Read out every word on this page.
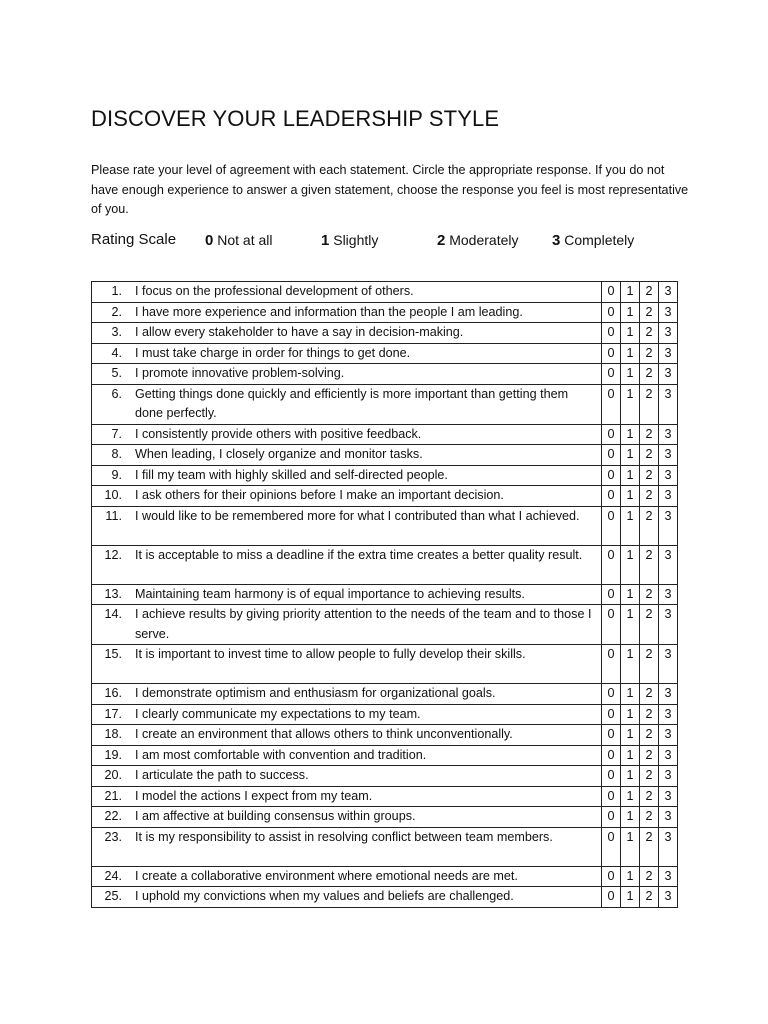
DISCOVER YOUR LEADERSHIP STYLE
Please rate your level of agreement with each statement. Circle the appropriate response. If you do not have enough experience to answer a given statement, choose the response you feel is most representative of you.
Rating Scale 0 Not at all	1 Slightly	2 Moderately 3 Completely
1. I focus on the professional development of others.	0	1	2	3

2. I have more experience and information than the people I am leading.	0	1	2	3

3. I allow every stakeholder to have a say in decision-making.	0	1	2	3

4. I must take charge in order for things to get done.	0	1	2	3

5. I promote innovative problem-solving.	0	1	2	3

6. Getting things done quickly and efficiently is more important than getting them done perfectly.	0	1	2	3

7. I consistently provide others with positive feedback.	0	1	2	3

8. When leading, I closely organize and monitor tasks.	0	1	2	3

9. I fill my team with highly skilled and self-directed people.	0	1	2	3

10. I ask others for their opinions before I make an important decision.	0	1	2	3

11. I would like to be remembered more for what I contributed than what I achieved.	0	1	2	3

12. It is acceptable to miss a deadline if the extra time creates a better quality result.	0	1	2	3

13. Maintaining team harmony is of equal importance to achieving results.	0	1	2	3

14. I achieve results by giving priority attention to the needs of the team and to those I serve.	0	1	2	3

15. It is important to invest time to allow people to fully develop their skills.	0	1	2	3

16. I demonstrate optimism and enthusiasm for organizational goals.	0	1	2	3

17. I clearly communicate my expectations to my team.	0	1	2	3

18. I create an environment that allows others to think unconventionally.	0	1	2	3

19. I am most comfortable with convention and tradition.	0	1	2	3

20. I articulate the path to success.	0	1	2	3

21. I model the actions I expect from my team.	0	1	2	3

22. I am affective at building consensus within groups.	0	1	2	3

23. It is my responsibility to assist in resolving conflict between team members.	0	1	2	3

24. I create a collaborative environment where emotional needs are met.	0	1	2	3

25. I uphold my convictions when my values and beliefs are challenged.	0	1	2	3
